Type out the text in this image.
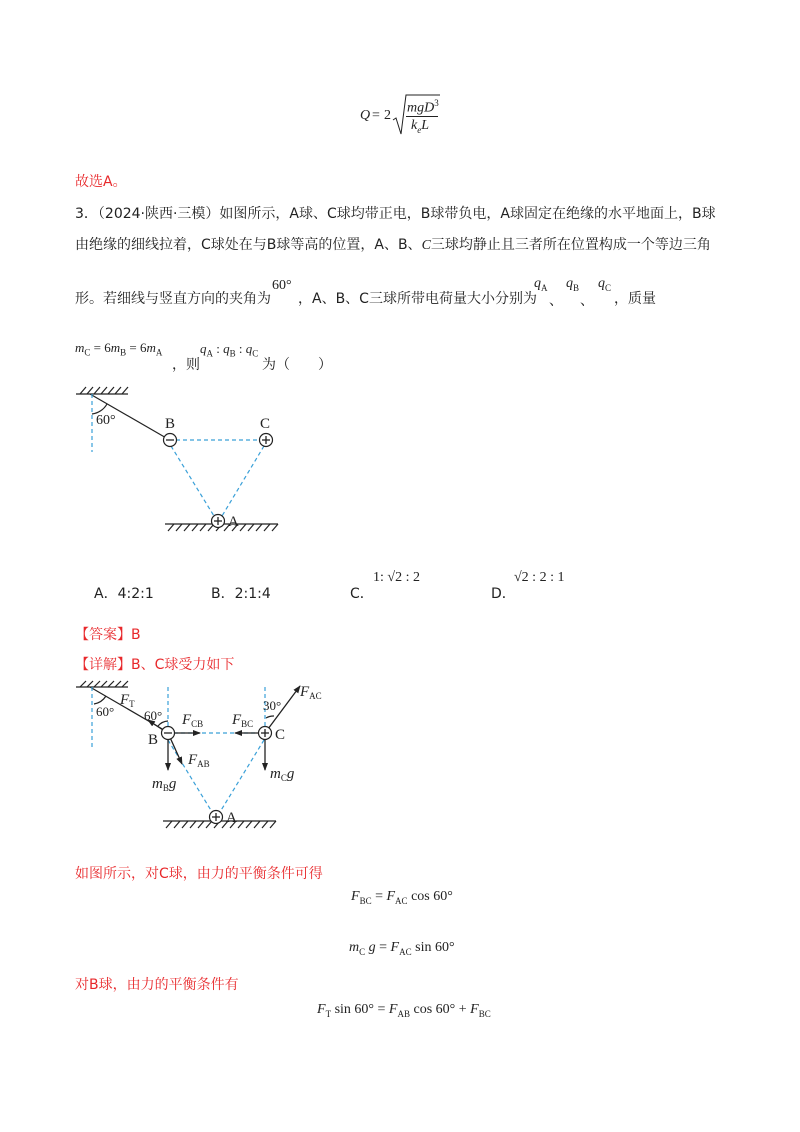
Q = 2 mgD$^3$
$k_eL$
故选A。
3．（2024·陕西·三模）如图所示，A球、C球均带正电，B球带负电，A球固定在绝缘的水平地面上，B球
由绝缘的细线拉着，C球处在与B球等高的位置，A、B、C三球均静止且三者所在位置构成一个等边三角
形。若细线与竖直方向的夹角为
60°
，A、B、C三球所带电荷量大小分别为
$q_A$
、
$q_B$
、
$q_C$
，质量
$m_C = 6m_B = 6m_A$
，则
$q_A$ : $q_B$ : $q_C$
为（　　）
60°	B	C
A
A．4:2:1	B．2:1:4	C．
1: √2 : 2
D．
√2 : 2 : 1
【答案】B
【详解】B、C球受力如下
60° 60°
30°
$F_T$
$F_{CB}$ $F_{BC}$
$F_{AC}$
$F_{AB}$
$m_Bg$
$m_Cg$
B	C
A
如图所示，对C球，由力的平衡条件可得
$F_{BC} = F_{AC}$ cos 60°
$m_C$ $g = F_{AC}$ sin 60°
对B球，由力的平衡条件有
$F_T$ $\sin 60^\circ = F_{AB}$ $\cos 60^\circ + F_{BC}$
